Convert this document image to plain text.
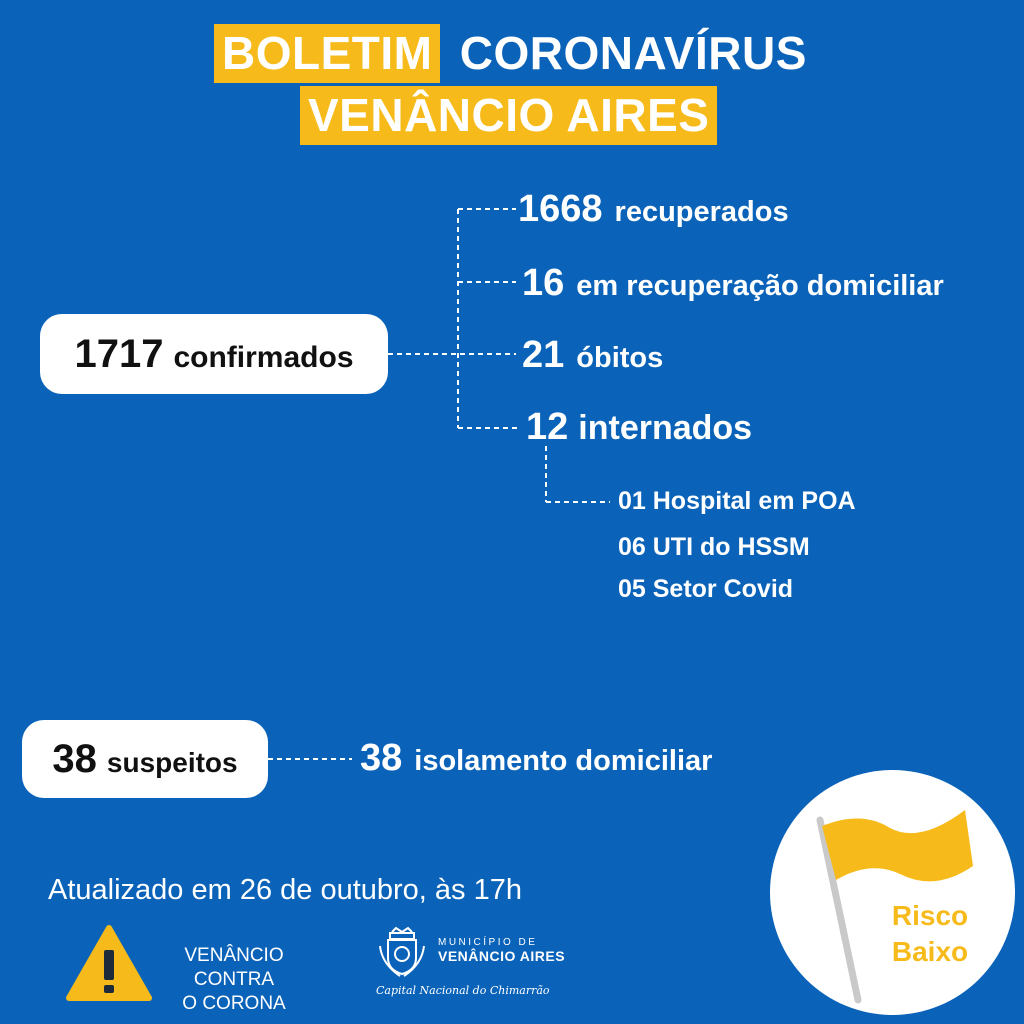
BOLETIM CORONAVÍRUS
VENÂNCIO AIRES
1717 confirmados
1668 recuperados
16 em recuperação domiciliar
21 óbitos
12 internados
01 Hospital em POA
06 UTI do HSSM
05 Setor Covid
38 suspeitos	38 isolamento domiciliar
Atualizado em 26 de outubro, às 17h
VENÂNCIO CONTRA
O CORONA
MUNICÍPIO DE
VENÂNCIO AIRES
Capital Nacional do Chimarrão
Risco
Baixo
